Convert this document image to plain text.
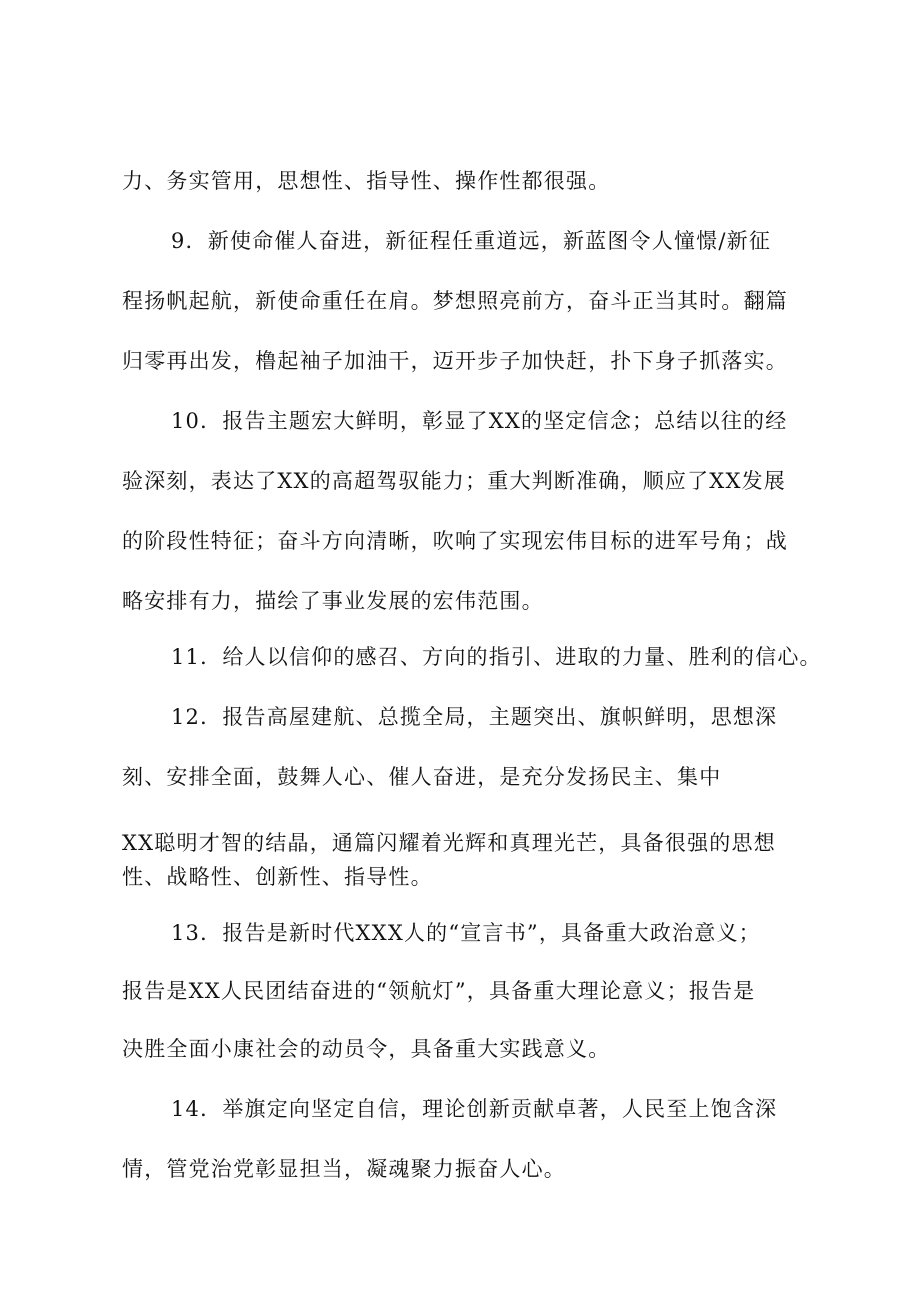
力、务实管用，思想性、指导性、操作性都很强。
9．新使命催人奋进，新征程任重道远，新蓝图令人憧憬/新征
程扬帆起航，新使命重任在肩。梦想照亮前方，奋斗正当其时。翻篇
归零再出发，橹起袖子加油干，迈开步子加快赶，扑下身子抓落实。
10．报告主题宏大鲜明，彰显了XX的坚定信念；总结以往的经
验深刻，表达了XX的高超驾驭能力；重大判断准确，顺应了XX发展
的阶段性特征；奋斗方向清晰，吹响了实现宏伟目标的进军号角；战
略安排有力，描绘了事业发展的宏伟范围。
11．给人以信仰的感召、方向的指引、进取的力量、胜利的信心。
12．报告高屋建航、总揽全局，主题突出、旗帜鲜明，思想深
刻、安排全面，鼓舞人心、催人奋进，是充分发扬民主、集中
XX聪明才智的结晶，通篇闪耀着光辉和真理光芒，具备很强的思想
性、战略性、创新性、指导性。
13．报告是新时代XXX人的“宣言书”，具备重大政治意义；
报告是XX人民团结奋进的“领航灯”，具备重大理论意义；报告是
决胜全面小康社会的动员令，具备重大实践意义。
14．举旗定向坚定自信，理论创新贡献卓著，人民至上饱含深
情，管党治党彰显担当，凝魂聚力振奋人心。
